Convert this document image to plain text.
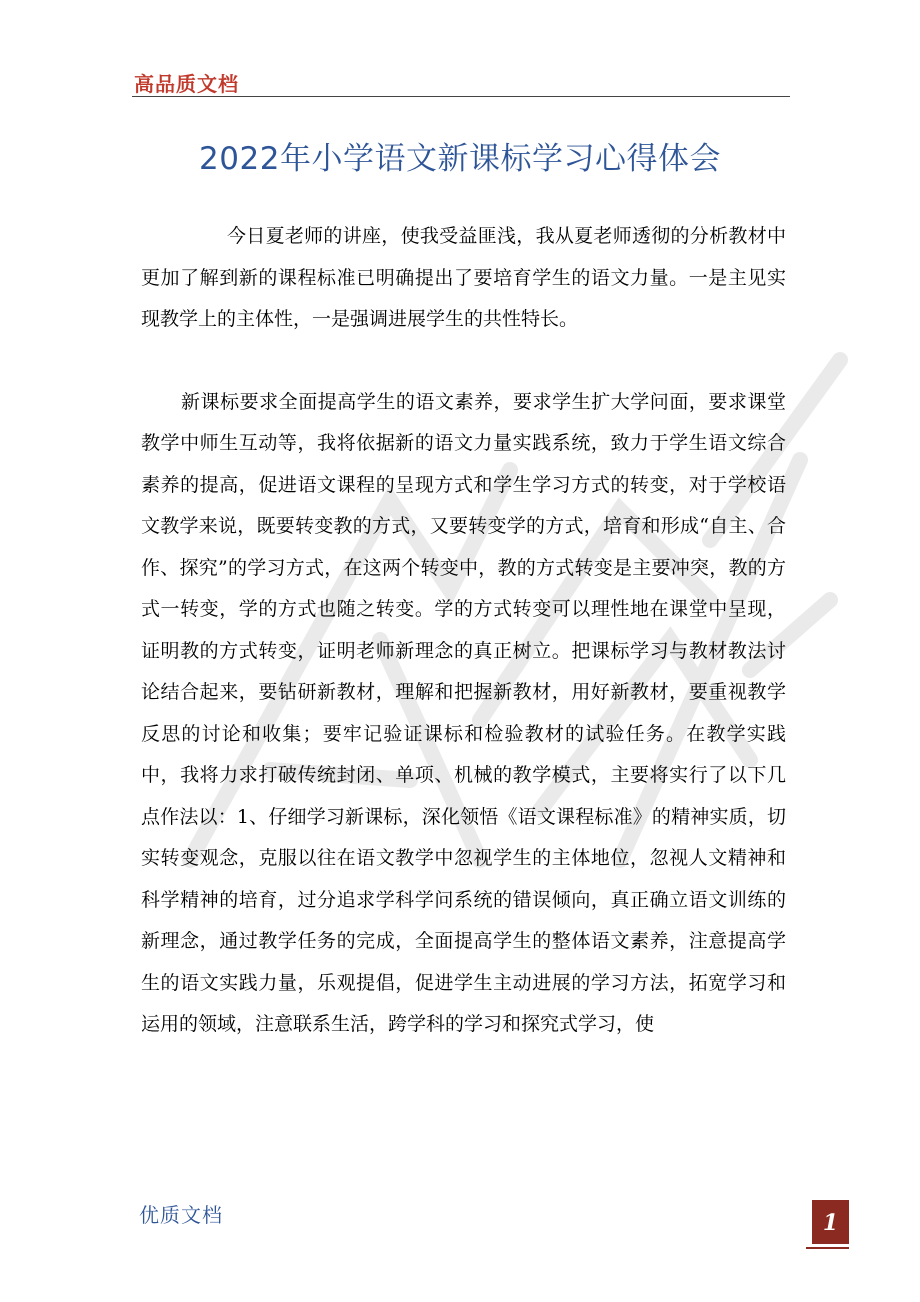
高品质文档
2022年小学语文新课标学习心得体会

今日夏老师的讲座，使我受益匪浅，我从夏老师透彻的分析教材中更加了解到新的课程标准已明确提出了要培育学生的语文力量。一是主见实现教学上的主体性，一是强调进展学生的共性特长。

新课标要求全面提高学生的语文素养，要求学生扩大学问面，要求课堂教学中师生互动等，我将依据新的语文力量实践系统，致力于学生语文综合素养的提高，促进语文课程的呈现方式和学生学习方式的转变，对于学校语文教学来说，既要转变教的方式，又要转变学的方式，培育和形成“自主、合作、探究”的学习方式，在这两个转变中，教的方式转变是主要冲突，教的方式一转变，学的方式也随之转变。学的方式转变可以理性地在课堂中呈现，证明教的方式转变，证明老师新理念的真正树立。把课标学习与教材教法讨论结合起来，要钻研新教材，理解和把握新教材，用好新教材，要重视教学反思的讨论和收集；要牢记验证课标和检验教材的试验任务。在教学实践中，我将力求打破传统封闭、单项、机械的教学模式，主要将实行了以下几点作法以：1、仔细学习新课标，深化领悟《语文课程标准》的精神实质，切实转变观念，克服以往在语文教学中忽视学生的主体地位，忽视人文精神和科学精神的培育，过分追求学科学问系统的错误倾向，真正确立语文训练的新理念，通过教学任务的完成，全面提高学生的整体语文素养，注意提高学生的语文实践力量，乐观提倡，促进学生主动进展的学习方法，拓宽学习和运用的领域，注意联系生活，跨学科的学习和探究式学习，使

优质文档	1
